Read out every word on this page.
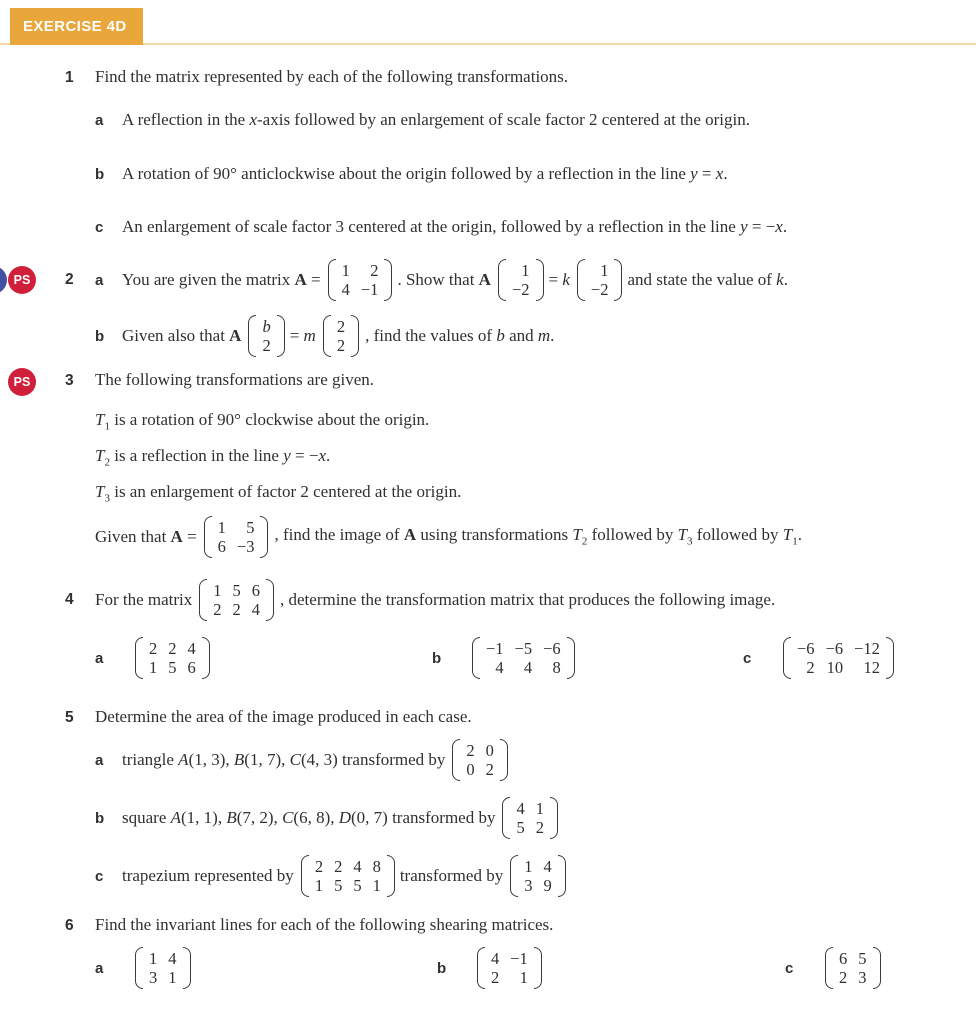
EXERCISE 4D
1	Find the matrix represented by each of the following transformations.
a	A reflection in the x-axis followed by an enlargement of scale factor 2 centered at the origin.
b	A rotation of 90° anticlockwise about the origin followed by a reflection in the line y = x.
c	An enlargement of scale factor 3 centered at the origin, followed by a reflection in the line y = −x.
PS	2	a	You are given the matrix A = 1 2
4 −1
. Show that A 1
−2
= k 1
−2
and state the value of k.
b	Given also that A b
2
= m 2
2
, find the values of b and m.
PS	3	The following transformations are given.
$T_1$ is a rotation of 90° clockwise about the origin.
$T_2$ is a reflection in the line y = −x.
$T_3$ is an enlargement of factor 2 centered at the origin.
Given that A = 1 5
6 −3
, find the image of A using transformations $T_2$ followed by $T_3$ followed by $T_1$.
4	For the matrix 1 5 6
2 2 4
, determine the transformation matrix that produces the following image.
a
2 2 4
1 5 6	b
−1 −5 −6
4 4 8	c
−6 −6 −12
2 10 12
5	Determine the area of the image produced in each case.
a	triangle A(1, 3), B(1, 7), C(4, 3) transformed by 2 0
0 2
b	square A(1, 1), B(7, 2), C(6, 8), D(0, 7) transformed by 4 1
5 2
c	trapezium represented by 2 2 4 8
1 5 5 1
transformed by 1 4
3 9
6	Find the invariant lines for each of the following shearing matrices.
a
1 4
3 1	b
4 −1
2 1	c
6 5
2 3
